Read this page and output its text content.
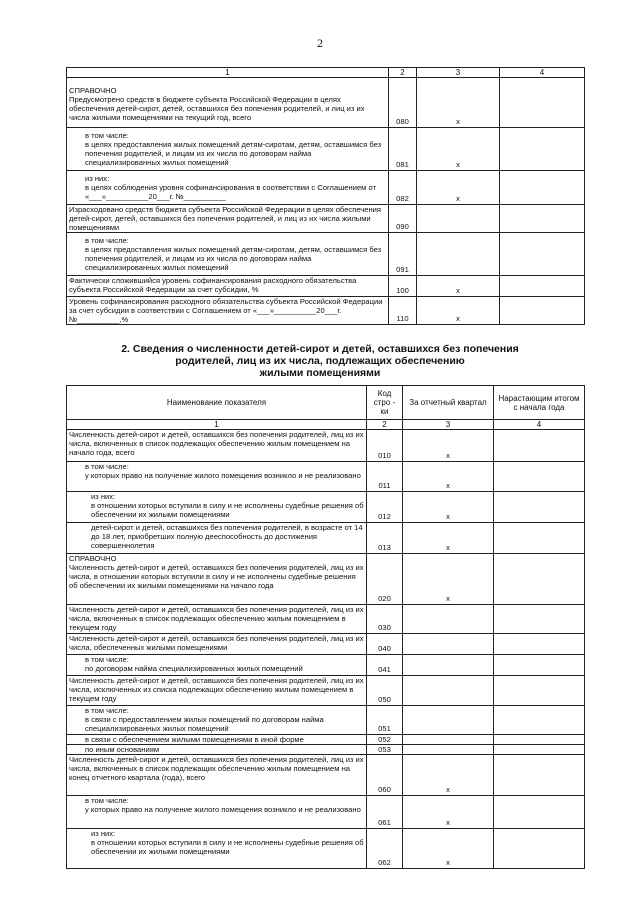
2
1	2	3	4

СПРАВОЧНО
Предусмотрено средств в бюджете субъекта Российской Федерации в целях обеспечения детей-сирот, детей, оставшихся без попечения родителей, и лиц из их числа жилыми помещениями на текущий год, всего	080	x	

в том числе:
в целях предоставления жилых помещений детям-сиротам, детям, оставшимся без попечения родителей, и лицам из их числа по договорам найма специализированных жилых помещений	081	x	

из них:
в целях соблюдения уровня софинансирования в соответствии с Соглашением от «___»__________20___г. №__________	082	x	

Израсходовано средств бюджета субъекта Российской Федерации в целях обеспечения детей-сирот, детей, оставшихся без попечения родителей, и лиц из их числа жилыми помещениями	090		

в том числе:
в целях предоставления жилых помещений детям-сиротам, детям, оставшимся без попечения родителей, и лицам из их числа по договорам найма специализированных жилых помещений	091		

Фактически сложившийся уровень софинансирования расходного обязательства субъекта Российской Федерации за счет субсидии, %	100	x	

Уровень софинансирования расходного обязательства субъекта Российской Федерации за счет субсидии в соответствии с Соглашением от «___»__________20___г. №__________,%	110	x	
2. Сведения о численности детей-сирот и детей, оставшихся без попечения
родителей, лиц из их числа, подлежащих обеспечению
жилыми помещениями
Наименование показателя	Код стро - ки	За отчетный квартал	Нарастающим итогом с начала года
1	2	3	4

Численность детей-сирот и детей, оставшихся без попечения родителей, лиц из их числа, включенных в список подлежащих обеспечению жилым помещением на начало года, всего	010	x	

в том числе:
у которых право на получение жилого помещения возникло и не реализовано	011	x	

из них:
в отношении которых вступили в силу и не исполнены судебные решения об обеспечении их жилыми помещениями	012	x	

детей-сирот и детей, оставшихся без попечения родителей, в возрасте от 14 до 18 лет, приобретших полную дееспособность до достижения совершеннолетия	013	x	

СПРАВОЧНО
Численность детей-сирот и детей, оставшихся без попечения родителей, лиц из их числа, в отношении которых вступили в силу и не исполнены судебные решения об обеспечении их жилыми помещениями на начало года	020	x	

Численность детей-сирот и детей, оставшихся без попечения родителей, лиц из их числа, включенных в список подлежащих обеспечению жилым помещением в текущем году	030		

Численность детей-сирот и детей, оставшихся без попечения родителей, лиц из их числа, обеспеченных жилыми помещениями	040		

в том числе:
по договорам найма специализированных жилых помещений	041		

Численность детей-сирот и детей, оставшихся без попечения родителей, лиц из их числа, исключенных из списка подлежащих обеспечению жилым помещением в текущем году	050		

в том числе:
в связи с предоставлением жилых помещений по договорам найма специализированных жилых помещений	051		

в связи с обеспечением жилыми помещениями в иной форме	052		

по иным основаниям	053		

Численность детей-сирот и детей, оставшихся без попечения родителей, лиц из их числа, включенных в список подлежащих обеспечению жилым помещением на конец отчетного квартала (года), всего	060	x	

в том числе:
у которых право на получение жилого помещения возникло и не реализовано	061	x	

из них:
в отношении которых вступили в силу и не исполнены судебные решения об обеспечении их жилыми помещениями	062	x	
